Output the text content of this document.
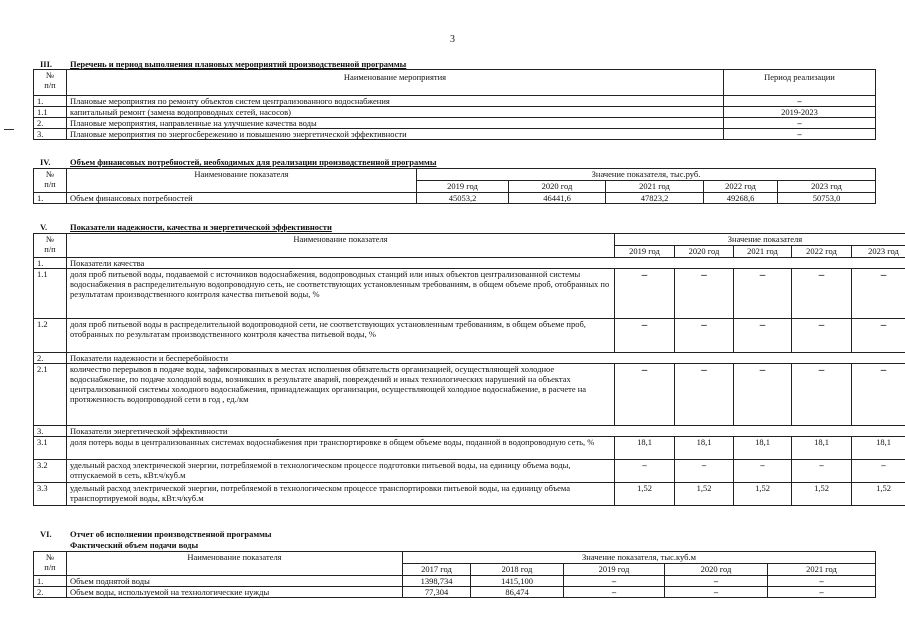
3
III. Перечень и период выполнения плановых мероприятий производственной программы
№
п/п	Наименование мероприятия	Период реализации
1.	Плановые мероприятия по ремонту объектов систем централизованного водоснабжения	–
1.1	капитальный ремонт (замена водопроводных сетей, насосов)	2019-2023
2.	Плановые мероприятия, направленные на улучшение качества воды	–
3.	Плановые мероприятия по энергосбережению и повышению энергетической эффективности	–
IV. Объем финансовых потребностей, необходимых для реализации производственной программы
№
п/п	Наименование показателя	Значение показателя, тыс.руб.				
		2019 год	2020 год	2021 год	2022 год	2023 год
1.	Объем финансовых потребностей	45053,2	46441,6	47823,2	49268,6	50753,0
V.	Показатели надежности, качества и энергетической эффективности
№
п/п	Наименование показателя	Значение показателя				
		2019 год	2020 год	2021 год	2022 год	2023 год
1.	Показатели качества					
1.1	доля проб питьевой воды, подаваемой с источников водоснабжения, водопроводных станций или иных объектов централизованной системы водоснабжения в распределительную водопроводную сеть, не соответствующих установленным требованиям, в общем объеме проб, отобранных по результатам производственного контроля качества питьевой воды, %	–	–	–	–	–
1.2	доля проб питьевой воды в распределительной водопроводной сети, не соответствующих установленным требованиям, в общем объеме проб, отобранных по результатам производственного контроля качества питьевой воды, %	–	–	–	–	–
2.	Показатели надежности и бесперебойности					
2.1	количество перерывов в подаче воды, зафиксированных в местах исполнения обязательств организацией, осуществляющей холодное водоснабжение, по подаче холодной воды, возникших в результате аварий, повреждений и иных технологических нарушений на объектах централизованной системы холодного водоснабжения, принадлежащих организации, осуществляющей холодное водоснабжение, в расчете на протяженность водопроводной сети в год , ед./км	–	–	–	–	–
3.	Показатели энергетической эффективности					
3.1	доля потерь воды в централизованных системах водоснабжения при транспортировке в общем объеме воды, поданной в водопроводную сеть, %	18,1	18,1	18,1	18,1	18,1
3.2	удельный расход электрической энергии, потребляемой в технологическом процессе подготовки питьевой воды, на единицу объема воды, отпускаемой в сеть, кВт.ч/куб.м	–	–	–	–	–
3.3	удельный расход электрической энергии, потребляемой в технологическом процессе транспортировки питьевой воды, на единицу объема транспортируемой воды, кВт.ч/куб.м	1,52	1,52	1,52	1,52	1,52
VI. Отчет об исполнении производственной программы
Фактический объем подачи воды
№
п/п	Наименование показателя	Значение показателя, тыс.куб.м				
		2017 год	2018 год	2019 год	2020 год	2021 год
1.	Объем поднятой воды	1398,734	1415,100	–	–	–
2.	Объем воды, используемой на технологические нужды	77,304	86,474	–	–	–
